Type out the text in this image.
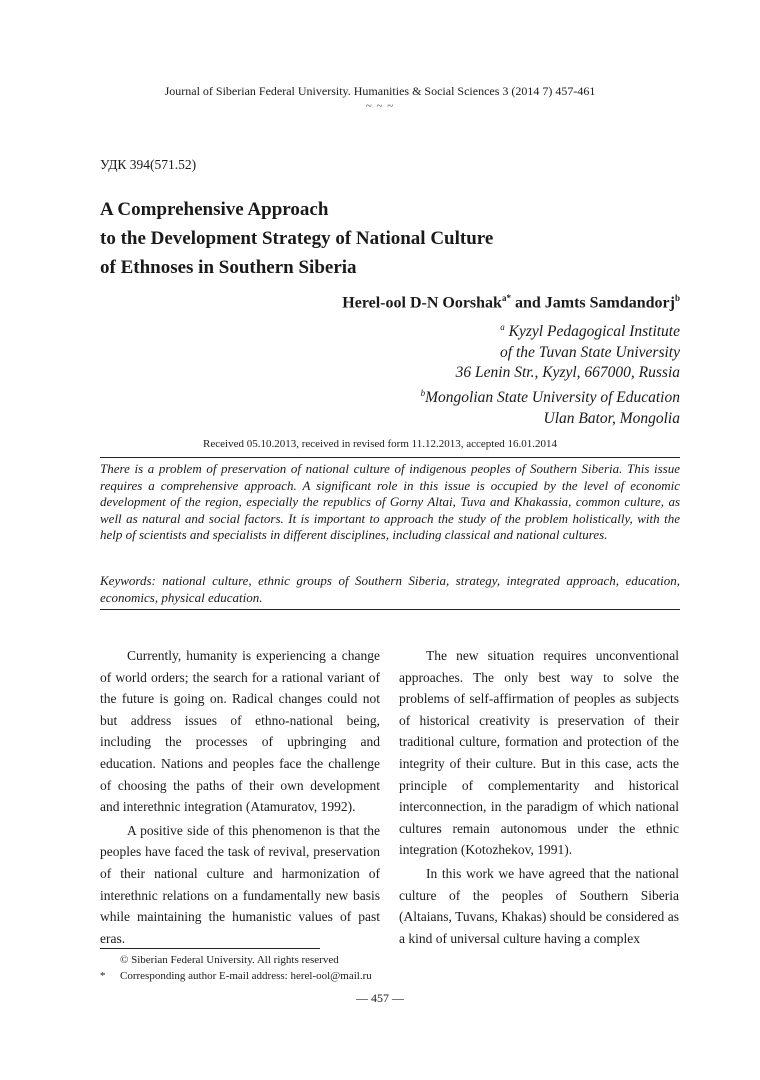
Journal of Siberian Federal University. Humanities & Social Sciences 3 (2014 7) 457-461
~ ~ ~
УДК 394(571.52)
A Comprehensive Approach
to the Development Strategy of National Culture
of Ethnoses in Southern Siberia
Herel-ool D-N Oorshak$^{a*}$ and Jamts Samdandorj$^b$
$^a$ Kyzyl Pedagogical Institute
of the Tuvan State University
36 Lenin Str., Kyzyl, 667000, Russia
$^b$Mongolian State University of Education
Ulan Bator, Mongolia
Received 05.10.2013, received in revised form 11.12.2013, accepted 16.01.2014
There is a problem of preservation of national culture of indigenous peoples of Southern Siberia. This issue requires a comprehensive approach. A significant role in this issue is occupied by the level of economic development of the region, especially the republics of Gorny Altai, Tuva and Khakassia, common culture, as well as natural and social factors. It is important to approach the study of the problem holistically, with the help of scientists and specialists in different disciplines, including classical and national cultures.
Keywords: national culture, ethnic groups of Southern Siberia, strategy, integrated approach, education, economics, physical education.

Currently, humanity is experiencing a change of world orders; the search for a rational variant of the future is going on. Radical changes could not but address issues of ethno-national being, including the processes of upbringing and education. Nations and peoples face the challenge of choosing the paths of their own development and interethnic integration (Atamuratov, 1992).

A positive side of this phenomenon is that the peoples have faced the task of revival, preservation of their national culture and harmonization of interethnic relations on a fundamentally new basis while maintaining the humanistic values of past eras.

The new situation requires unconventional approaches. The only best way to solve the problems of self-affirmation of peoples as subjects of historical creativity is preservation of their traditional culture, formation and protection of the integrity of their culture. But in this case, acts the principle of complementarity and historical interconnection, in the paradigm of which national cultures remain autonomous under the ethnic integration (Kotozhekov, 1991).

In this work we have agreed that the national culture of the peoples of Southern Siberia (Altaians, Tuvans, Khakas) should be considered as a kind of universal culture having a complex

© Siberian Federal University. All rights reserved
* Corresponding author E-mail address: herel-ool@mail.ru
— 457 —
